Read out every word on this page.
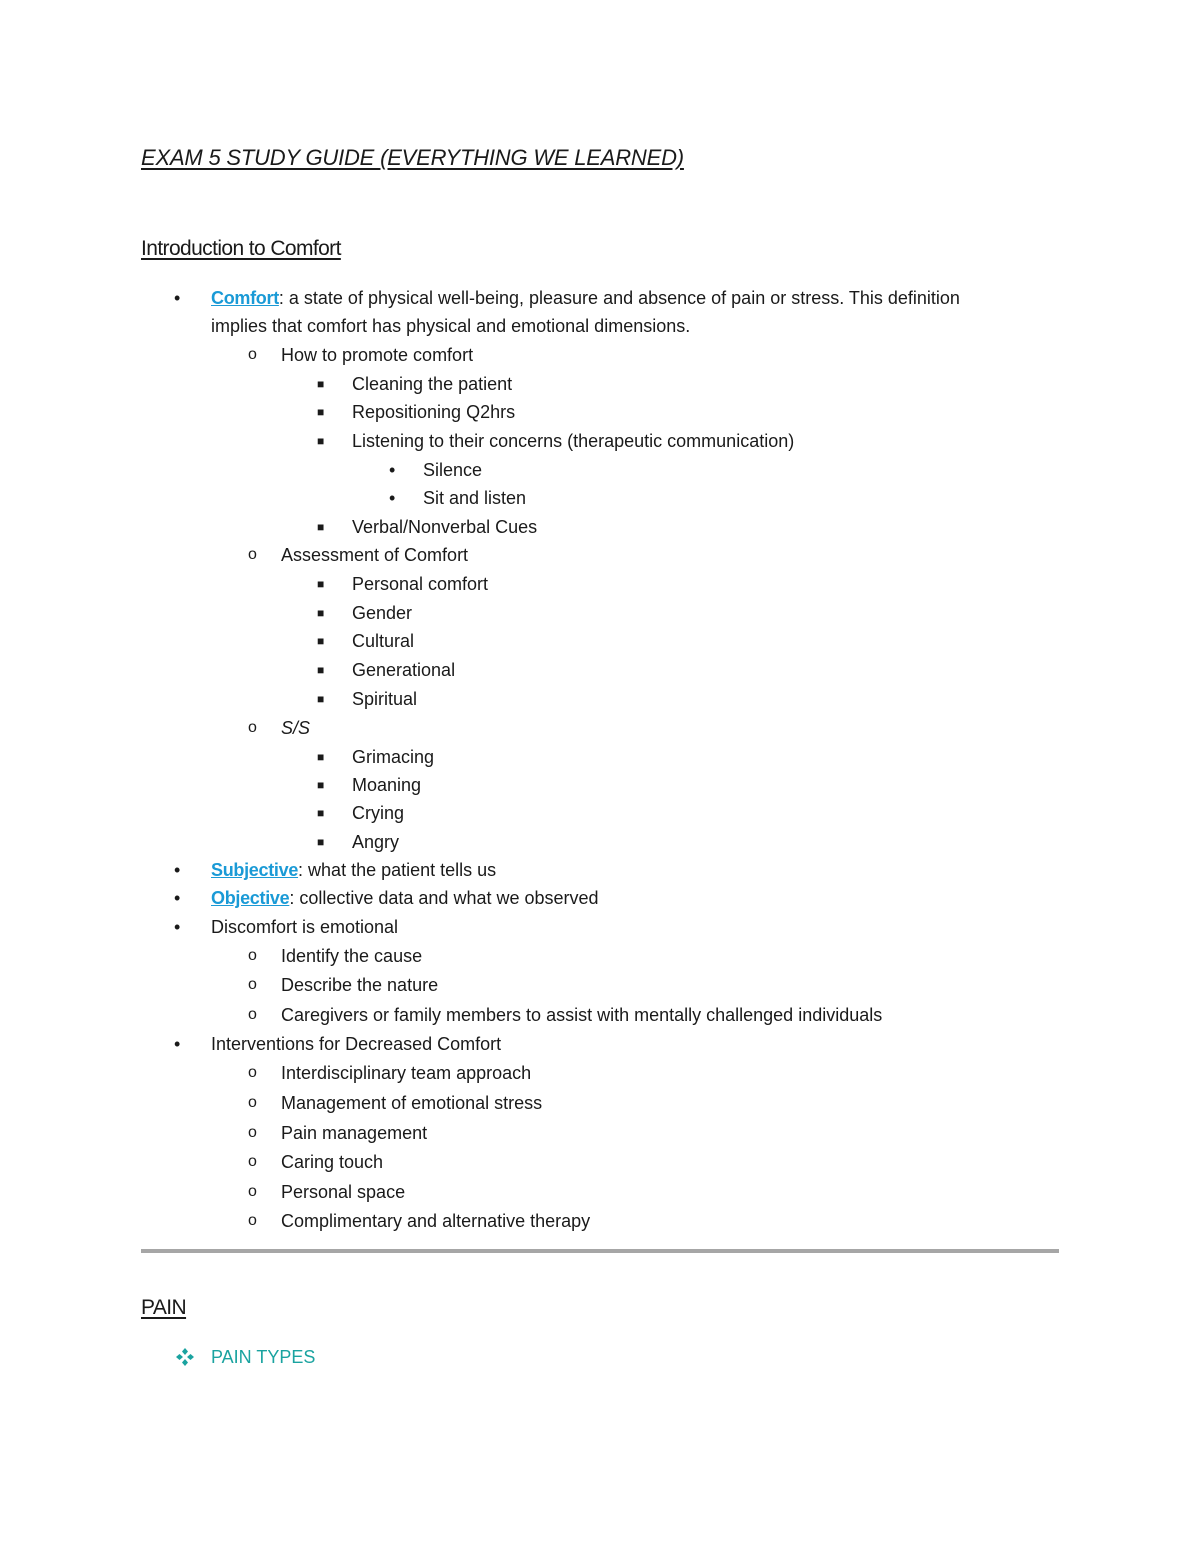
EXAM 5 STUDY GUIDE (EVERYTHING WE LEARNED)
Introduction to Comfort
• Comfort: a state of physical well-being, pleasure and absence of pain or stress. This definition
implies that comfort has physical and emotional dimensions.
o How to promote comfort
■ Cleaning the patient
■ Repositioning Q2hrs
■ Listening to their concerns (therapeutic communication)
• Silence
• Sit and listen
■ Verbal/Nonverbal Cues
o Assessment of Comfort
■ Personal comfort
■ Gender
■ Cultural
■ Generational
■ Spiritual
o S/S
■ Grimacing
■ Moaning
■ Crying
■ Angry
• Subjective: what the patient tells us
• Objective: collective data and what we observed
• Discomfort is emotional
o Identify the cause
o Describe the nature
o Caregivers or family members to assist with mentally challenged individuals
• Interventions for Decreased Comfort
o Interdisciplinary team approach
o Management of emotional stress
o Pain management
o Caring touch
o Personal space
o Complimentary and alternative therapy
PAIN
PAIN TYPES
